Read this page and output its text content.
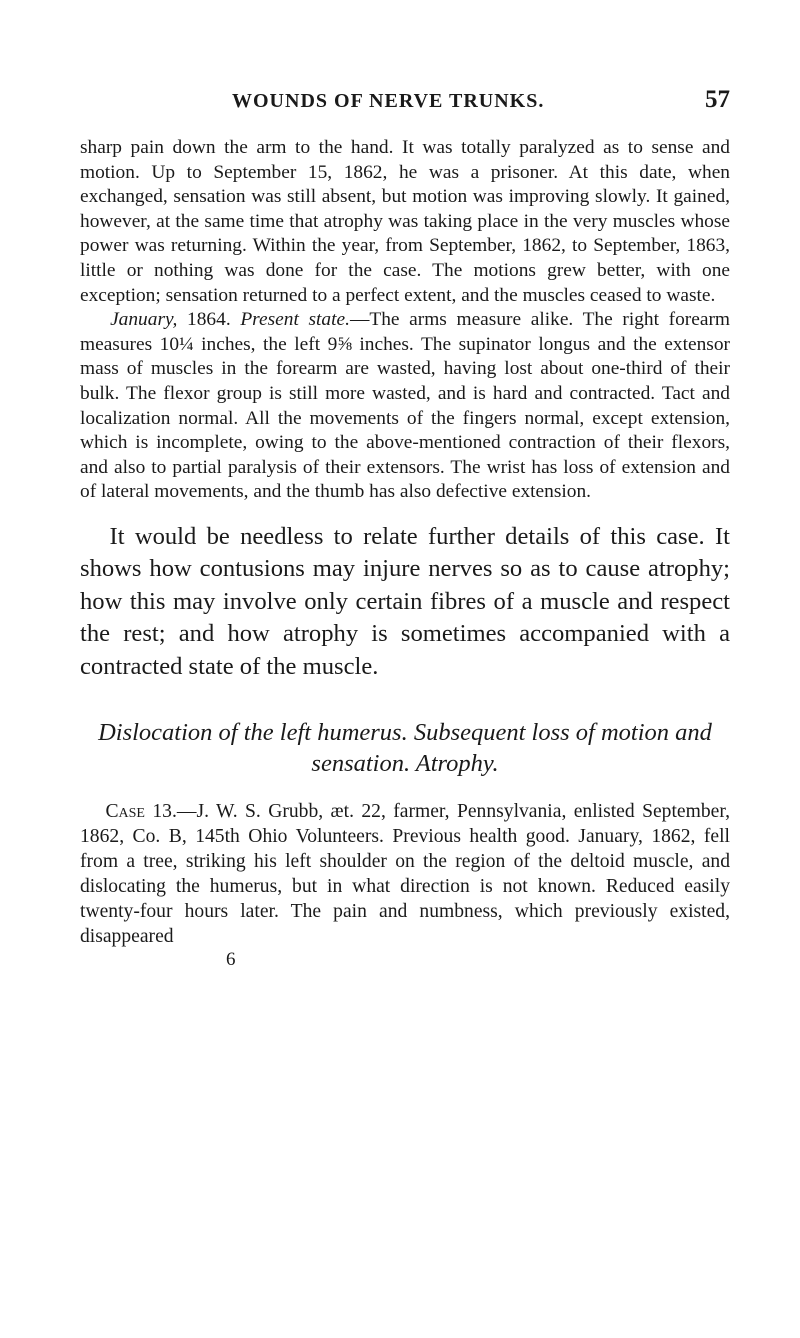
WOUNDS OF NERVE TRUNKS.	57

sharp pain down the arm to the hand. It was totally paralyzed as to sense and motion. Up to September 15, 1862, he was a prisoner. At this date, when exchanged, sensation was still absent, but motion was improving slowly. It gained, however, at the same time that atrophy was taking place in the very muscles whose power was returning. Within the year, from September, 1862, to September, 1863, little or nothing was done for the case. The motions grew better, with one exception; sensation returned to a perfect extent, and the muscles ceased to waste.

January, 1864. Present state.—The arms measure alike. The right forearm measures 10¼ inches, the left 9⅝ inches. The supinator longus and the extensor mass of muscles in the forearm are wasted, having lost about one-third of their bulk. The flexor group is still more wasted, and is hard and contracted. Tact and localization normal. All the movements of the fingers normal, except extension, which is incomplete, owing to the above-mentioned contraction of their flexors, and also to partial paralysis of their extensors. The wrist has loss of extension and of lateral movements, and the thumb has also defective extension.

It would be needless to relate further details of this case. It shows how contusions may injure nerves so as to cause atrophy; how this may involve only certain fibres of a muscle and respect the rest; and how atrophy is sometimes accompanied with a contracted state of the muscle.

Dislocation of the left humerus. Subsequent loss of motion and sensation. Atrophy.

Case 13.—J. W. S. Grubb, æt. 22, farmer, Pennsylvania, enlisted September, 1862, Co. B, 145th Ohio Volunteers. Previous health good. January, 1862, fell from a tree, striking his left shoulder on the region of the deltoid muscle, and dislocating the humerus, but in what direction is not known. Reduced easily twenty-four hours later. The pain and numbness, which previously existed, disappeared

6
